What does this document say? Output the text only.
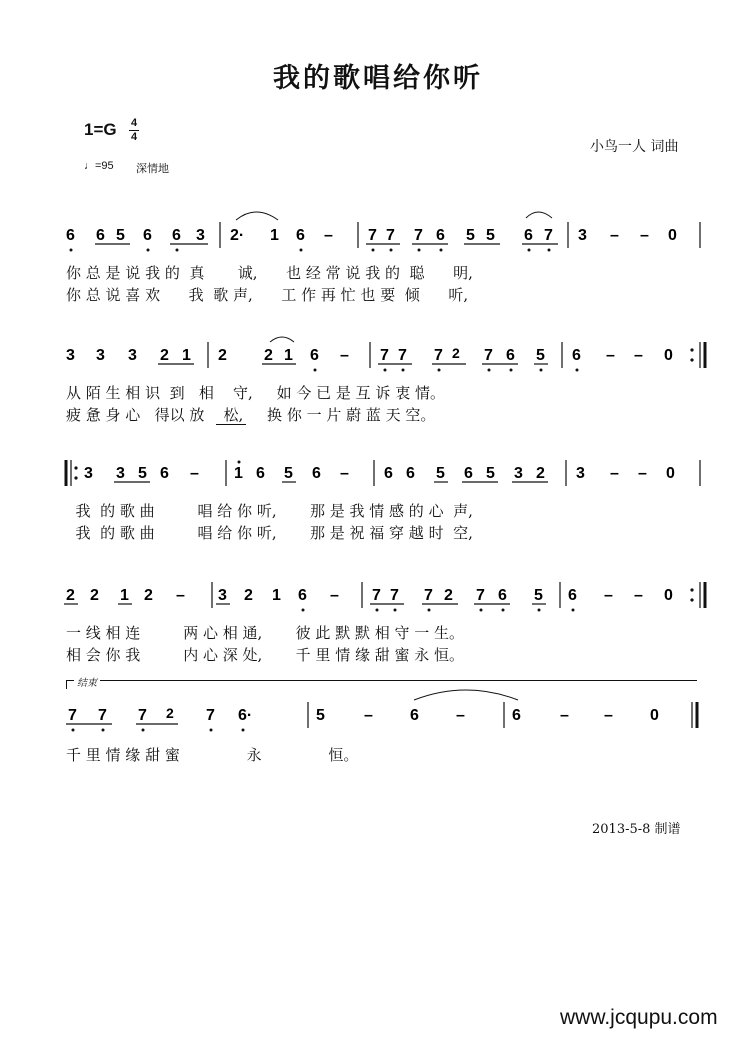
我的歌唱给你听
1=G 4
4
♩=95 深情地
小鸟一人 词曲
6 6 5 6 6 3 2· 1 6 – 7 7 7 6 5 5 6 7 3 – – 0
你 总 是 说 我 的  真       诚,      也 经 常 说 我 的  聪      明,
你 总 说 喜 欢      我  歌 声,      工 作 再 忙 也 要  倾      听,
3 3 3 2 1 2 2 1 6 – 7 7 7 2 7 6 5 6 – – 0
从 陌 生 相 识  到   相    守,     如 今 已 是 互 诉 衷 情。
疲 惫 身 心   得以 放    松,     换 你 一 片 蔚 蓝 天 空。
3 3 5 6 – 1 6 5 6 – 6 6 5 6 5 3 2 3 – – 0
我  的 歌 曲         唱 给 你 听,       那 是 我 情 感 的 心  声,
我  的 歌 曲         唱 给 你 听,       那 是 祝 福 穿 越 时  空,
2 2 1 2 – 3 2 1 6 – 7 7 7 2 7 6 5 6 – – 0
一 线 相 连         两 心 相 通,       彼 此 默 默 相 守 一 生。
相 会 你 我         内 心 深 处,       千 里 情 缘 甜 蜜 永 恒。
结束
7 7 7 2 7 6·	5 – 6 –	6 – – 0
千 里 情 缘 甜 蜜              永              恒。
2013-5-8 制谱
www.jcqupu.com
